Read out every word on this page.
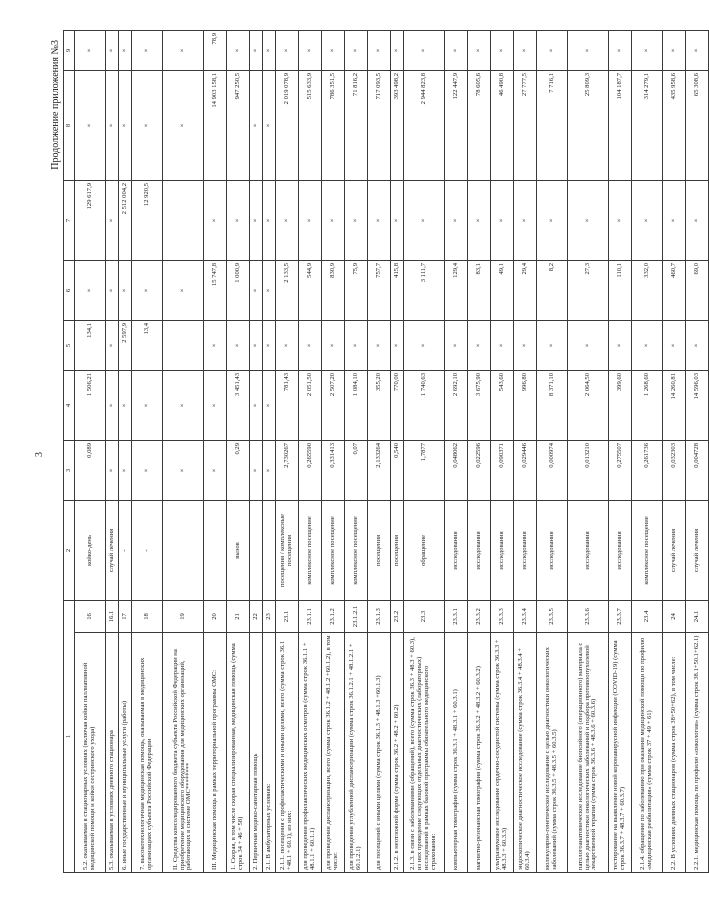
3
Продолжение приложения №3
1		2	3	4	5	6	7	8	9
5.2. оказываемая в стационарных условиях (включая койки паллиативной медицинской помощи и койки сестринского ухода)	16	койко-день	0,089	1 506,21	134,1	×	129 617,9	×	×
5.3. оказываемая в условиях дневного стационара	16.1	случай лечения	×	×	×	×	×	×	×
6. иные государственные и муниципальные услуги (работы)	17	-	×	×	2 597,9	×	2 512 004,2	×	×
7. высокотехнологичная медицинская помощь, оказываемая в медицинских организациях субъекта Российской Федерации	18	-	×	×	13,4	×	12 920,5	×	×
II. Средства консолидированного бюджета субъекта Российской Федерации на приобретение медицинского оборудования для медицинских организаций, работающих в системе ОМС********	19		×	×		×		×	×
III. Медицинская помощь в рамках территориальной программы ОМС:	20		×	×	×	15 747,8	×	14 903 158,1	78,9
1. Скорая, в том числе скорая специализированная, медицинская помощь (сумма строк 34 + 46 + 58)	21	вызов	0,29	3 451,43	×	1 000,9	×	947 250,5	×
2. Первичная медико-санитарная помощь	22		×	×	×	×	×	×	×
2.1. В амбулаторных условиях:	23		×	×	×	×	×	×	×
2.1.1. посещения с профилактическими и иными целями, всего (сумма строк 36.1 +48.1 + 60.1), из них:	23.1	посещения / комплексные посещения	2,730267	781,43	×	2 133,5	×	2 019 078,9	×
для проведения профилактических медицинских осмотров (сумма строк 36.1.1 + 48.1.1 + 60.1.1)	23.1.1	комплексное посещение	0,265590	2 051,50	×	544,9	×	515 633,9	×
для проведения диспансеризации, всего (сумма строк 36.1.2 + 48.1.2 +60.1.2), в том числе:	23.1.2	комплексное посещение	0,331413	2 507,20	×	830,9	×	786 351,5	×
для проведения углубленной диспансеризации (сумма строк 36.1.2.1 + 48.1.2.1 + 60.1.2.1)	23.1.2.1	комплексное посещение	0,07	1 084,10	×	75,9	×	71 816,2	×
для посещений с иными целями (сумма строк 36.1.3 + 48.1.3 +60.1.3)	23.1.3	посещения	2,133264	355,20	×	757,7	×	717 093,5	×
2.1.2. в неотложной форме (сумма строк 36.2 + 48.2 + 60.2)	23.2	посещения	0,540	770,00	×	415,8	×	393 498,2	×
2.1.3. в связи с заболеваниями (обращений), всего (сумма строк 36.3 + 48.3 + 60.3), из них проведение следующих отдельных диагностических (лабораторных) исследований в рамках базовой программы обязательного медицинского страхования:	23.3	обращение	1,7877	1 740,63	×	3 111,7	×	2 944 823,8	×
компьютерная томография (сумма строк 36.3.1 + 48.3.1 + 60.3.1)	23.3.1	исследования	0,048062	2 692,10	×	129,4	×	122 447,9	×
магнитно-резонансная томография (сумма строк 36.3.2 + 48.3.2 + 60.3.2)	23.3.2	исследования	0,022596	3 675,90	×	83,1	×	78 605,6	×
ультразвуковое исследование сердечно-сосудистой системы (сумма строк 36.3.3 + 48.3.3 + 60.3.3)	23.3.3	исследования	0,090371	543,60	×	49,1	×	46 490,8	×
эндоскопическое диагностическое исследование (сумма строк 36.3.4 + 48.3.4 + 60.3.4)	23.3.4	исследования	0,029446	996,80	×	29,4	×	27 777,5	×
молекулярно-генетическое исследование с целью диагностики онкологических заболеваний (сумма строк 36.3.5 + 48.3.5 + 60.3.5)	23.3.5	исследования	0,000974	8 371,10	×	8,2	×	7 716,1	×
патологоанатомическое исследование биопсийного (операционного) материала с целью диагностики онкологических заболеваний и подбора противоопухолевой лекарственной терапии (сумма строк 36.3.6 + 48.3.6 + 60.3.6)	23.3.6	исследования	0,013210	2 064,50	×	27,3	×	25 809,3	×
тестирование на выявление новой коронавирусной инфекции (COVID-19) (сумма строк 36.3.7 + 48.3.7 + 60.3.7)	23.3.7	исследования	0,275507	399,60	×	110,1	×	104 187,7	×
2.1.4. обращение по заболеванию при оказании медицинской помощи по профилю «медицинская реабилитация» (сумма строк 37 + 49 + 61)	23.4	комплексное посещение	0,261736	1 268,60	×	332,0	×	314 279,1	×
2.2. В условиях дневных стационаров (сумма строк 38+50+62), в том числе:	24	случай лечения	0,032303	14 260,81	×	460,7	×	435 958,6	×
2.2.1. медицинская помощь по профилю «онкология» (сумма строк 38.1+50.1+62.1)	24.1	случай лечения	0,004728	14 596,03	×	69,0	×	65 308,6	×
